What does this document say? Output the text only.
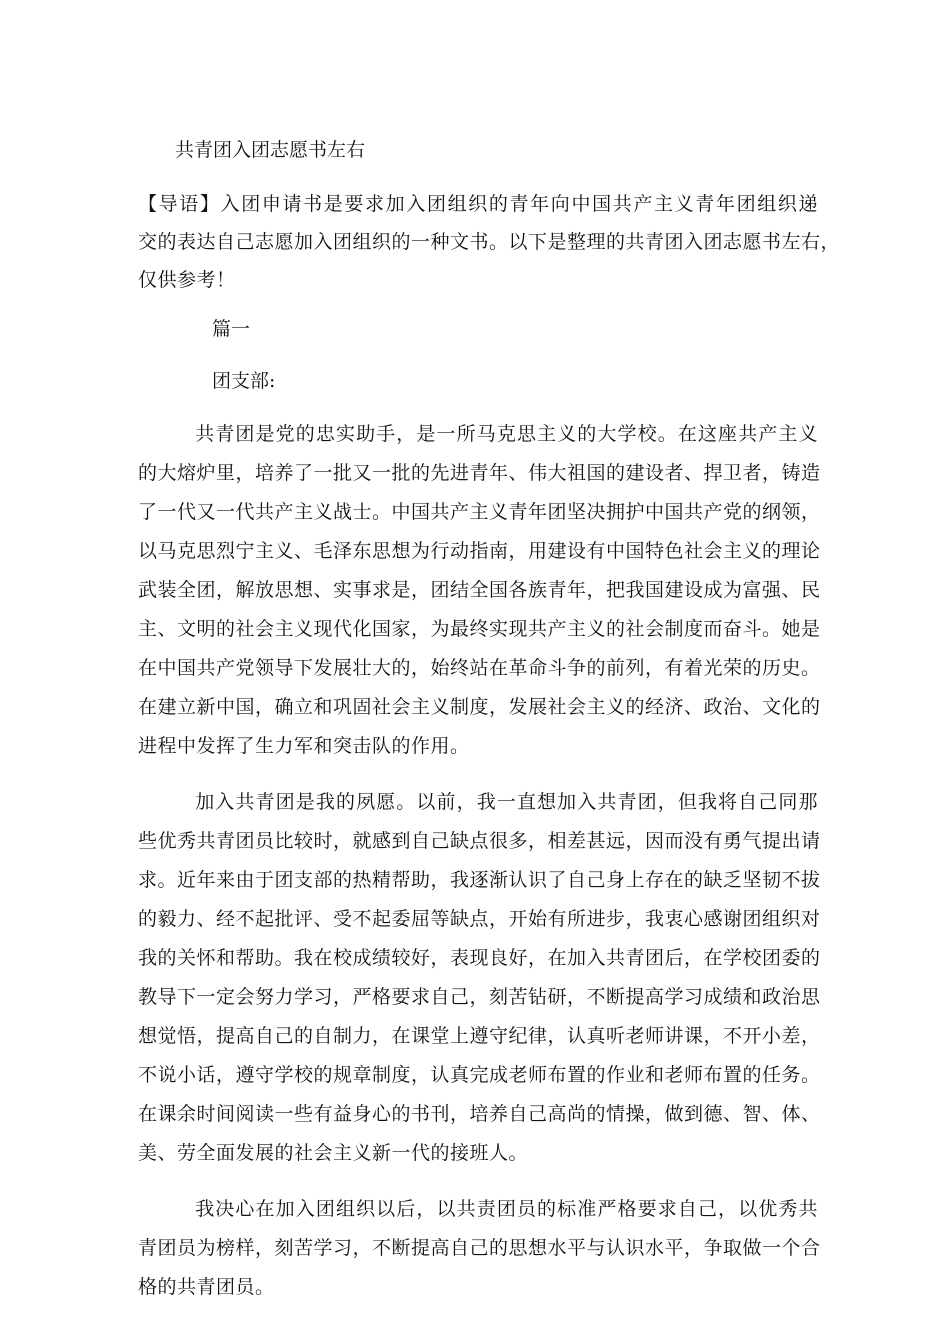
共青团入团志愿书左右
【导语】入团申请书是要求加入团组织的青年向中国共产主义青年团组织递
交的表达自己志愿加入团组织的一种文书。以下是整理的共青团入团志愿书左右，
仅供参考！
篇一
团支部:
共青团是党的忠实助手，是一所马克思主义的大学校。在这座共产主义
的大熔炉里，培养了一批又一批的先进青年、伟大祖国的建设者、捍卫者，铸造
了一代又一代共产主义战士。中国共产主义青年团坚决拥护中国共产党的纲领，
以马克思烈宁主义、毛泽东思想为行动指南，用建设有中国特色社会主义的理论
武装全团，解放思想、实事求是，团结全国各族青年，把我国建设成为富强、民
主、文明的社会主义现代化国家，为最终实现共产主义的社会制度而奋斗。她是
在中国共产党领导下发展壮大的，始终站在革命斗争的前列，有着光荣的历史。
在建立新中国，确立和巩固社会主义制度，发展社会主义的经济、政治、文化的
进程中发挥了生力军和突击队的作用。
加入共青团是我的夙愿。以前，我一直想加入共青团，但我将自己同那
些优秀共青团员比较时，就感到自己缺点很多，相差甚远，因而没有勇气提出请
求。近年来由于团支部的热精帮助，我逐渐认识了自己身上存在的缺乏坚韧不拔
的毅力、经不起批评、受不起委屈等缺点，开始有所进步，我衷心感谢团组织对
我的关怀和帮助。我在校成绩较好，表现良好，在加入共青团后，在学校团委的
教导下一定会努力学习，严格要求自己，刻苦钻研，不断提高学习成绩和政治思
想觉悟，提高自己的自制力，在课堂上遵守纪律，认真听老师讲课，不开小差，
不说小话，遵守学校的规章制度，认真完成老师布置的作业和老师布置的任务。
在课余时间阅读一些有益身心的书刊，培养自己高尚的情操，做到德、智、体、
美、劳全面发展的社会主义新一代的接班人。
我决心在加入团组织以后，以共责团员的标准严格要求自己，以优秀共
青团员为榜样，刻苦学习，不断提高自己的思想水平与认识水平，争取做一个合
格的共青团员。
